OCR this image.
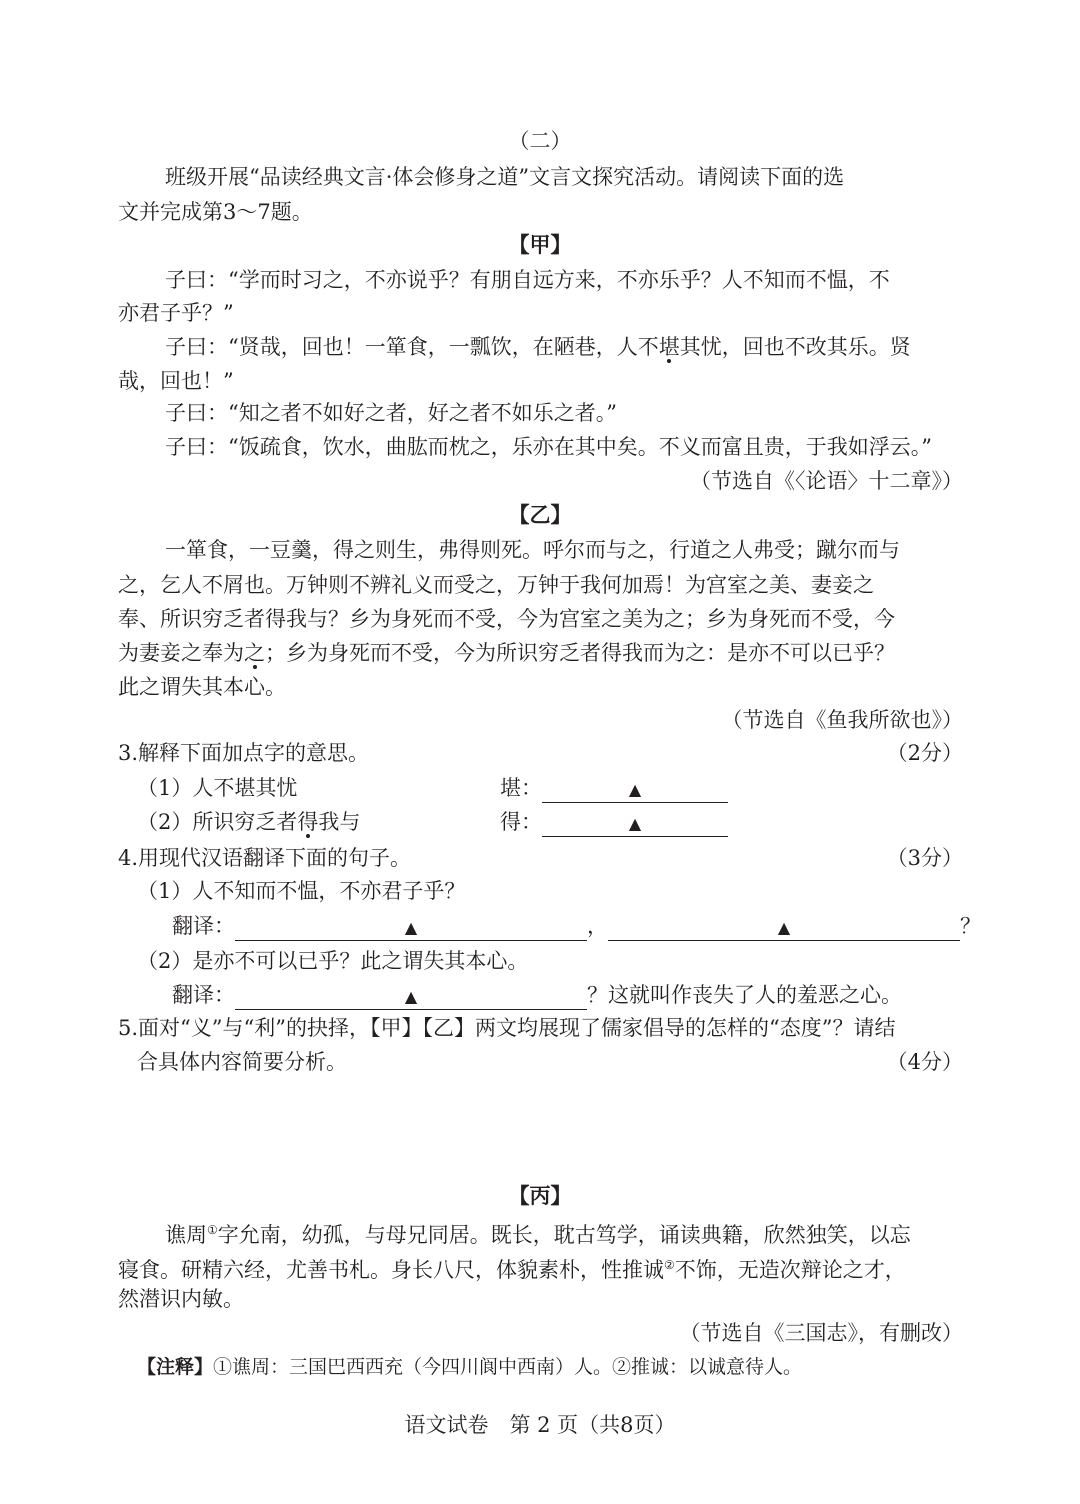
（二）
班级开展“品读经典文言·体会修身之道”文言文探究活动。请阅读下面的选
文并完成第3～7题。
【甲】
子曰：“学而时习之，不亦说乎？有朋自远方来，不亦乐乎？人不知而不愠，不
亦君子乎？”
子曰：“贤哉，回也！一箪食，一瓢饮，在陋巷，人不堪其忧，回也不改其乐。贤
哉，回也！”
子曰：“知之者不如好之者，好之者不如乐之者。”
子曰：“饭疏食，饮水，曲肱而枕之，乐亦在其中矣。不义而富且贵，于我如浮云。”
（节选自《〈论语〉十二章》）
【乙】
一箪食，一豆羹，得之则生，弗得则死。呼尔而与之，行道之人弗受；蹴尔而与
之，乞人不屑也。万钟则不辨礼义而受之，万钟于我何加焉！为宫室之美、妻妾之
奉、所识穷乏者得我与？乡为身死而不受，今为宫室之美为之；乡为身死而不受，今
为妻妾之奉为之；乡为身死而不受，今为所识穷乏者得我而为之：是亦不可以已乎？
此之谓失其本心。
（节选自《鱼我所欲也》）
3.解释下面加点字的意思。	（2分）
（1）人不堪其忧	堪：	▲
（2）所识穷乏者得我与	得：	▲
4.用现代汉语翻译下面的句子。	（3分）
（1）人不知而不愠，不亦君子乎？
翻译：	▲	，	▲	？
（2）是亦不可以已乎？此之谓失其本心。
翻译：	▲	？这就叫作丧失了人的羞恶之心。
5.面对“义”与“利”的抉择，【甲】【乙】两文均展现了儒家倡导的怎样的“态度”？请结
合具体内容简要分析。	（4分）
【丙】
谯周①字允南，幼孤，与母兄同居。既长，耽古笃学，诵读典籍，欣然独笑，以忘
寝食。研精六经，尤善书札。身长八尺，体貌素朴，性推诚②不饰，无造次辩论之才，
然潜识内敏。
（节选自《三国志》，有删改）
【注释】①谯周：三国巴西西充（今四川阆中西南）人。②推诚：以诚意待人。
语文试卷　第 2 页（共8页）
